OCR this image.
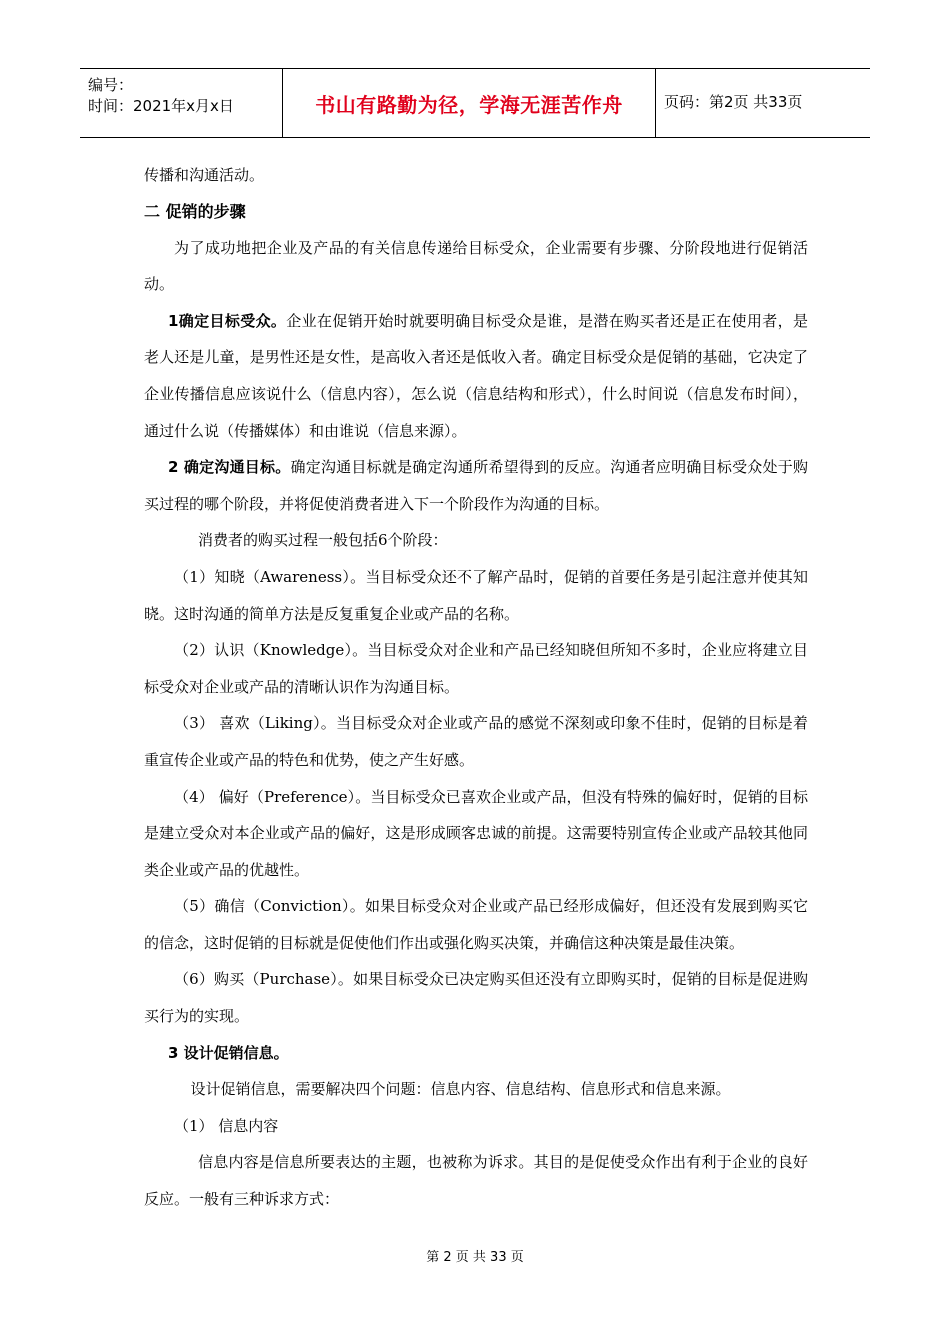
编号：
时间：2021年x月x日	书山有路勤为径，学海无涯苦作舟	页码：第2页 共33页

传播和沟通活动。

二 促销的步骤

为了成功地把企业及产品的有关信息传递给目标受众，企业需要有步骤、分阶段地进行促销活动。

1确定目标受众。企业在促销开始时就要明确目标受众是谁，是潜在购买者还是正在使用者，是老人还是儿童，是男性还是女性，是高收入者还是低收入者。确定目标受众是促销的基础，它决定了企业传播信息应该说什么（信息内容），怎么说（信息结构和形式），什么时间说（信息发布时间），通过什么说（传播媒体）和由谁说（信息来源）。

2 确定沟通目标。确定沟通目标就是确定沟通所希望得到的反应。沟通者应明确目标受众处于购买过程的哪个阶段，并将促使消费者进入下一个阶段作为沟通的目标。

消费者的购买过程一般包括6个阶段：

（1）知晓（Awareness）。当目标受众还不了解产品时，促销的首要任务是引起注意并使其知晓。这时沟通的简单方法是反复重复企业或产品的名称。

（2）认识（Knowledge）。当目标受众对企业和产品已经知晓但所知不多时，企业应将建立目标受众对企业或产品的清晰认识作为沟通目标。

（3） 喜欢（Liking）。当目标受众对企业或产品的感觉不深刻或印象不佳时，促销的目标是着重宣传企业或产品的特色和优势，使之产生好感。

（4） 偏好（Preference）。当目标受众已喜欢企业或产品，但没有特殊的偏好时，促销的目标是建立受众对本企业或产品的偏好，这是形成顾客忠诚的前提。这需要特别宣传企业或产品较其他同类企业或产品的优越性。

（5）确信（Conviction）。如果目标受众对企业或产品已经形成偏好，但还没有发展到购买它的信念，这时促销的目标就是促使他们作出或强化购买决策，并确信这种决策是最佳决策。

（6）购买（Purchase）。如果目标受众已决定购买但还没有立即购买时，促销的目标是促进购买行为的实现。

3 设计促销信息。

设计促销信息，需要解决四个问题：信息内容、信息结构、信息形式和信息来源。

（1） 信息内容

信息内容是信息所要表达的主题，也被称为诉求。其目的是促使受众作出有利于企业的良好反应。一般有三种诉求方式：

第 2 页 共 33 页
